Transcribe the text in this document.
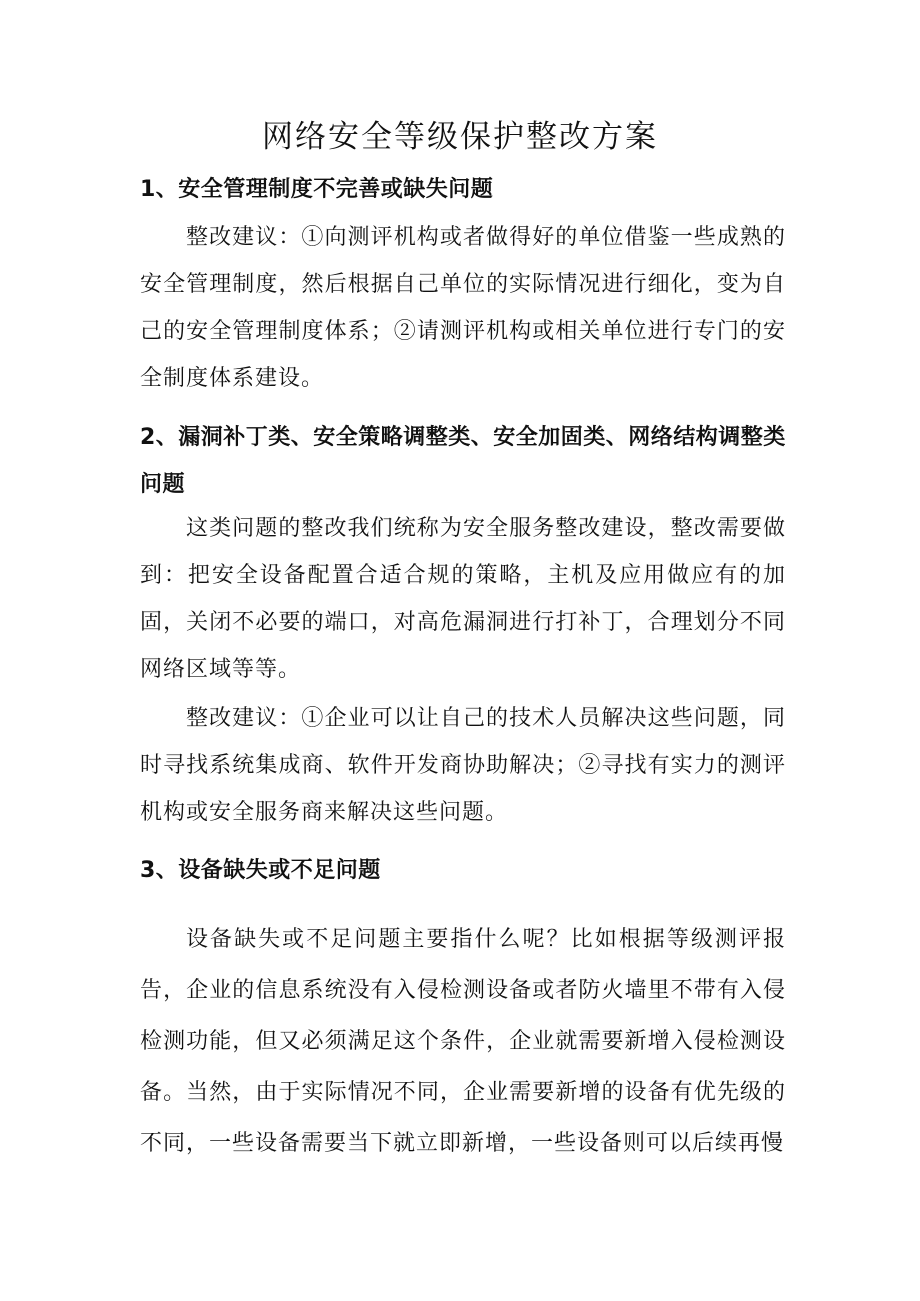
网络安全等级保护整改方案
1、安全管理制度不完善或缺失问题

整改建议：①向测评机构或者做得好的单位借鉴一些成熟的安全管理制度，然后根据自己单位的实际情况进行细化，变为自己的安全管理制度体系；②请测评机构或相关单位进行专门的安全制度体系建设。

2、漏洞补丁类、安全策略调整类、安全加固类、网络结构调整类问题

这类问题的整改我们统称为安全服务整改建设，整改需要做到：把安全设备配置合适合规的策略，主机及应用做应有的加固，关闭不必要的端口，对高危漏洞进行打补丁，合理划分不同网络区域等等。

整改建议：①企业可以让自己的技术人员解决这些问题，同时寻找系统集成商、软件开发商协助解决；②寻找有实力的测评机构或安全服务商来解决这些问题。

3、设备缺失或不足问题

设备缺失或不足问题主要指什么呢？比如根据等级测评报告，企业的信息系统没有入侵检测设备或者防火墙里不带有入侵检测功能，但又必须满足这个条件，企业就需要新增入侵检测设备。当然，由于实际情况不同，企业需要新增的设备有优先级的不同，一些设备需要当下就立即新增，一些设备则可以后续再慢
